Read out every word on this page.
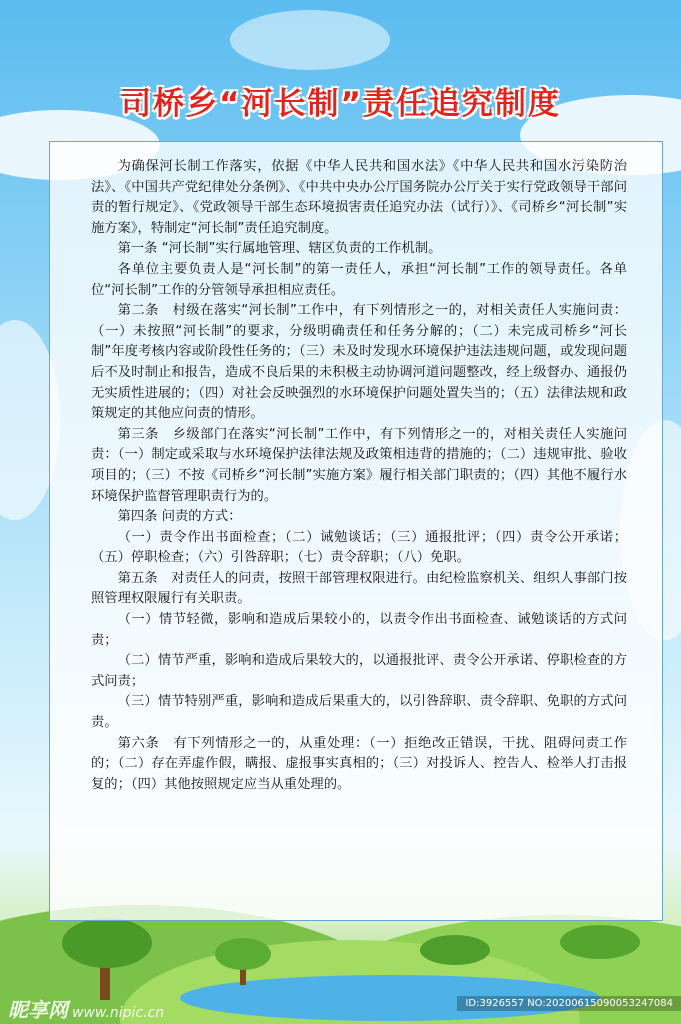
司桥乡“河长制”责任追究制度

为确保河长制工作落实，依据《中华人民共和国水法》《中华人民共和国水污染防治法》、《中国共产党纪律处分条例》、《中共中央办公厅国务院办公厅关于实行党政领导干部问责的暂行规定》、《党政领导干部生态环境损害责任追究办法（试行）》、《司桥乡“河长制”实施方案》，特制定“河长制”责任追究制度。

第一条 “河长制”实行属地管理、辖区负责的工作机制。

各单位主要负责人是“河长制”的第一责任人，承担“河长制”工作的领导责任。各单位“河长制”工作的分管领导承担相应责任。

第二条　村级在落实“河长制”工作中，有下列情形之一的，对相关责任人实施问责：（一）未按照“河长制”的要求，分级明确责任和任务分解的；（二）未完成司桥乡“河长制”年度考核内容或阶段性任务的；（三）未及时发现水环境保护违法违规问题，或发现问题后不及时制止和报告，造成不良后果的未积极主动协调河道问题整改，经上级督办、通报仍无实质性进展的；（四）对社会反映强烈的水环境保护问题处置失当的；（五）法律法规和政策规定的其他应问责的情形。

第三条　乡级部门在落实“河长制”工作中，有下列情形之一的，对相关责任人实施问责：（一）制定或采取与水环境保护法律法规及政策相违背的措施的；（二）违规审批、验收项目的；（三）不按《司桥乡“河长制”实施方案》履行相关部门职责的；（四）其他不履行水环境保护监督管理职责行为的。

第四条 问责的方式：

（一）责令作出书面检查；（二）诫勉谈话；（三）通报批评；（四）责令公开承诺；（五）停职检查；（六）引咎辞职；（七）责令辞职；（八）免职。

第五条　对责任人的问责，按照干部管理权限进行。由纪检监察机关、组织人事部门按照管理权限履行有关职责。

（一）情节轻微，影响和造成后果较小的，以责令作出书面检查、诫勉谈话的方式问责；

（二）情节严重，影响和造成后果较大的，以通报批评、责令公开承诺、停职检查的方式问责；

（三）情节特别严重，影响和造成后果重大的，以引咎辞职、责令辞职、免职的方式问责。

第六条　有下列情形之一的，从重处理：（一）拒绝改正错误，干扰、阻碍问责工作的；（二）存在弄虚作假，瞒报、虚报事实真相的；（三）对投诉人、控告人、检举人打击报复的；（四）其他按照规定应当从重处理的。

昵享网 www.nipic.cn
ID:3926557 NO:20200615090053247084
